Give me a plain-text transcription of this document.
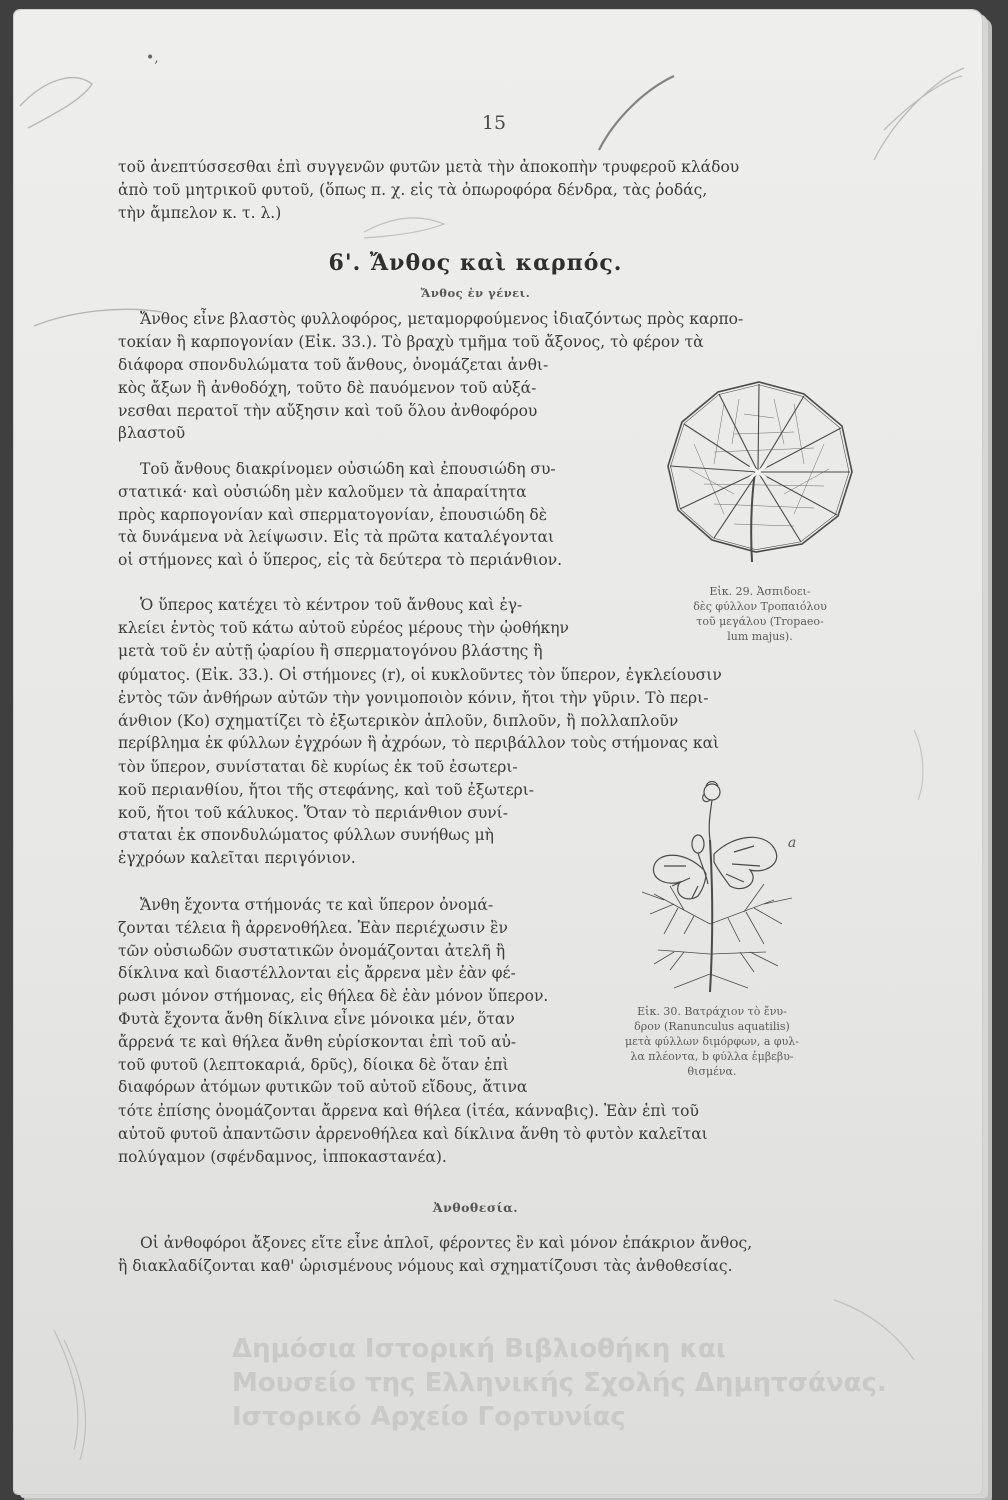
•,
15

τοῦ ἀνεπτύσσεσθαι ἐπὶ συγγενῶν φυτῶν μετὰ τὴν ἀποκοπὴν τρυφεροῦ κλάδου

ἀπὸ τοῦ μητρικοῦ φυτοῦ, (ὅπως π. χ. εἰς τὰ ὀπωροφόρα δένδρα, τὰς ῥοδάς,

τὴν ἄμπελον κ. τ. λ.)

6'. Ἄνθος καὶ καρπός.
Ἄνθος ἐν γένει.

Ἄνθος εἶνε βλαστὸς φυλλοφόρος, μεταμορφούμενος ἰδιαζόντως πρὸς καρπο-

τοκίαν ἢ καρπογονίαν (Εἰκ. 33.). Τὸ βραχὺ τμῆμα τοῦ ἄξονος, τὸ φέρον τὰ

διάφορα σπονδυλώματα τοῦ ἄνθους, ὀνομάζεται ἀνθι-

κὸς ἄξων ἢ ἀνθοδόχη, τοῦτο δὲ παυόμενον τοῦ αὐξά-

νεσθαι περατοῖ τὴν αὔξησιν καὶ τοῦ ὅλου ἀνθοφόρου

βλαστοῦ

Τοῦ ἄνθους διακρίνομεν οὐσιώδη καὶ ἐπουσιώδη συ-

στατικά· καὶ οὐσιώδη μὲν καλοῦμεν τὰ ἀπαραίτητα

πρὸς καρπογονίαν καὶ σπερματογονίαν, ἐπουσιώδη δὲ

τὰ δυνάμενα νὰ λείψωσιν. Εἰς τὰ πρῶτα καταλέγονται

οἱ στήμονες καὶ ὁ ὕπερος, εἰς τὰ δεύτερα τὸ περιάνθιον.

Εἰκ. 29. Ἀσπιδοει-
δὲς φύλλον Τροπαιόλου
τοῦ μεγάλου (Tropaeo-
lum majus).

Ὁ ὕπερος κατέχει τὸ κέντρον τοῦ ἄνθους καὶ ἐγ-

κλείει ἐντὸς τοῦ κάτω αὐτοῦ εὐρέος μέρους τὴν ᾠοθήκην

μετὰ τοῦ ἐν αὐτῇ ᾠαρίου ἢ σπερματογόνου βλάστης ἢ

φύματος. (Εἰκ. 33.). Οἱ στήμονες (r), οἱ κυκλοῦντες τὸν ὕπερον, ἐγκλείουσιν

ἐντὸς τῶν ἀνθήρων αὐτῶν τὴν γονιμοποιὸν κόνιν, ἤτοι τὴν γῦριν. Τὸ περι-

άνθιον (Κο) σχηματίζει τὸ ἐξωτερικὸν ἁπλοῦν, διπλοῦν, ἢ πολλαπλοῦν

περίβλημα ἐκ φύλλων ἐγχρόων ἢ ἀχρόων, τὸ περιβάλλον τοὺς στήμονας καὶ

τὸν ὕπερον, συνίσταται δὲ κυρίως ἐκ τοῦ ἐσωτερι-

κοῦ περιανθίου, ἤτοι τῆς στεφάνης, καὶ τοῦ ἐξωτερι-

κοῦ, ἤτοι τοῦ κάλυκος. Ὅταν τὸ περιάνθιον συνί-

σταται ἐκ σπονδυλώματος φύλλων συνήθως μὴ

ἐγχρόων καλεῖται περιγόνιον.

a

Ἄνθη ἔχοντα στήμονάς τε καὶ ὕπερον ὀνομά-

ζονται τέλεια ἢ ἀρρενοθήλεα. Ἐὰν περιέχωσιν ἓν

τῶν οὐσιωδῶν συστατικῶν ὀνομάζονται ἀτελῆ ἢ

δίκλινα καὶ διαστέλλονται εἰς ἄρρενα μὲν ἐὰν φέ-

ρωσι μόνον στήμονας, εἰς θήλεα δὲ ἐὰν μόνον ὕπερον.

Φυτὰ ἔχοντα ἄνθη δίκλινα εἶνε μόνοικα μέν, ὅταν

ἄρρενά τε καὶ θήλεα ἄνθη εὑρίσκονται ἐπὶ τοῦ αὐ-

τοῦ φυτοῦ (λεπτοκαριά, δρῦς), δίοικα δὲ ὅταν ἐπὶ

διαφόρων ἀτόμων φυτικῶν τοῦ αὐτοῦ εἴδους, ἄτινα

Εἰκ. 30. Βατράχιον τὸ ἔνυ-
δρον (Ranunculus aquatilis)
μετὰ φύλλων διμόρφων, a φυλ-
λα πλέοντα, b φύλλα ἐμβεβυ-
θισμένα.

τότε ἐπίσης ὀνομάζονται ἄρρενα καὶ θήλεα (ἰτέα, κάνναβις). Ἐὰν ἐπὶ τοῦ

αὐτοῦ φυτοῦ ἀπαντῶσιν ἀρρενοθήλεα καὶ δίκλινα ἄνθη τὸ φυτὸν καλεῖται

πολύγαμον (σφένδαμνος, ἱπποκαστανέα).

Ἀνθοθεσία.

Οἱ ἀνθοφόροι ἄξονες εἴτε εἶνε ἁπλοῖ, φέροντες ἓν καὶ μόνον ἐπάκριον ἄνθος,

ἢ διακλαδίζονται καθ' ὡρισμένους νόμους καὶ σχηματίζουσι τὰς ἀνθοθεσίας.

Δημόσια Ιστορική Βιβλιοθήκη και
Μουσείο της Ελληνικής Σχολής Δημητσάνας.
Ιστορικό Αρχείο Γορτυνίας
